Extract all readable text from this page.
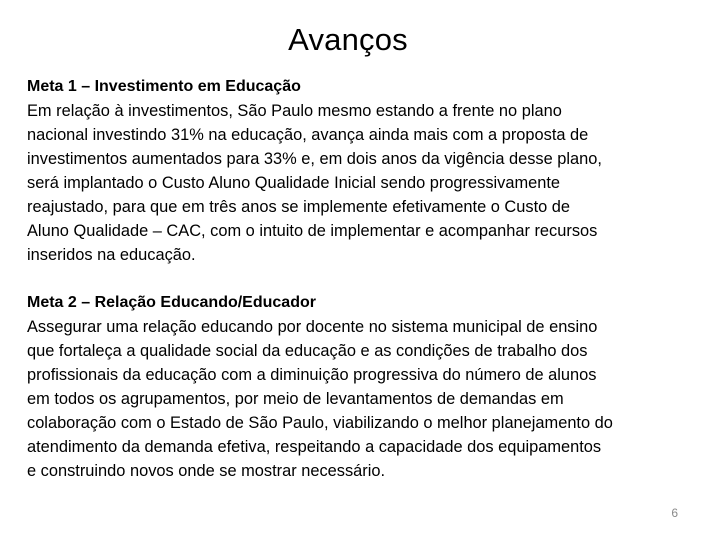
Avanços

Meta 1 – Investimento em Educação

Em relação à investimentos, São Paulo mesmo estando a frente no plano
nacional investindo 31% na educação, avança ainda mais com a proposta de
investimentos aumentados para 33% e, em dois anos da vigência desse plano,
será implantado o Custo Aluno Qualidade Inicial sendo progressivamente
reajustado, para que em três anos se implemente efetivamente o Custo de
Aluno Qualidade – CAC, com o intuito de implementar e acompanhar recursos
inseridos na educação.

Meta 2 – Relação Educando/Educador

Assegurar uma relação educando por docente no sistema municipal de ensino
que fortaleça a qualidade social da educação e as condições de trabalho dos
profissionais da educação com a diminuição progressiva do número de alunos
em todos os agrupamentos, por meio de levantamentos de demandas em
colaboração com o Estado de São Paulo, viabilizando o melhor planejamento do
atendimento da demanda efetiva, respeitando a capacidade dos equipamentos
e construindo novos onde se mostrar necessário.

6
